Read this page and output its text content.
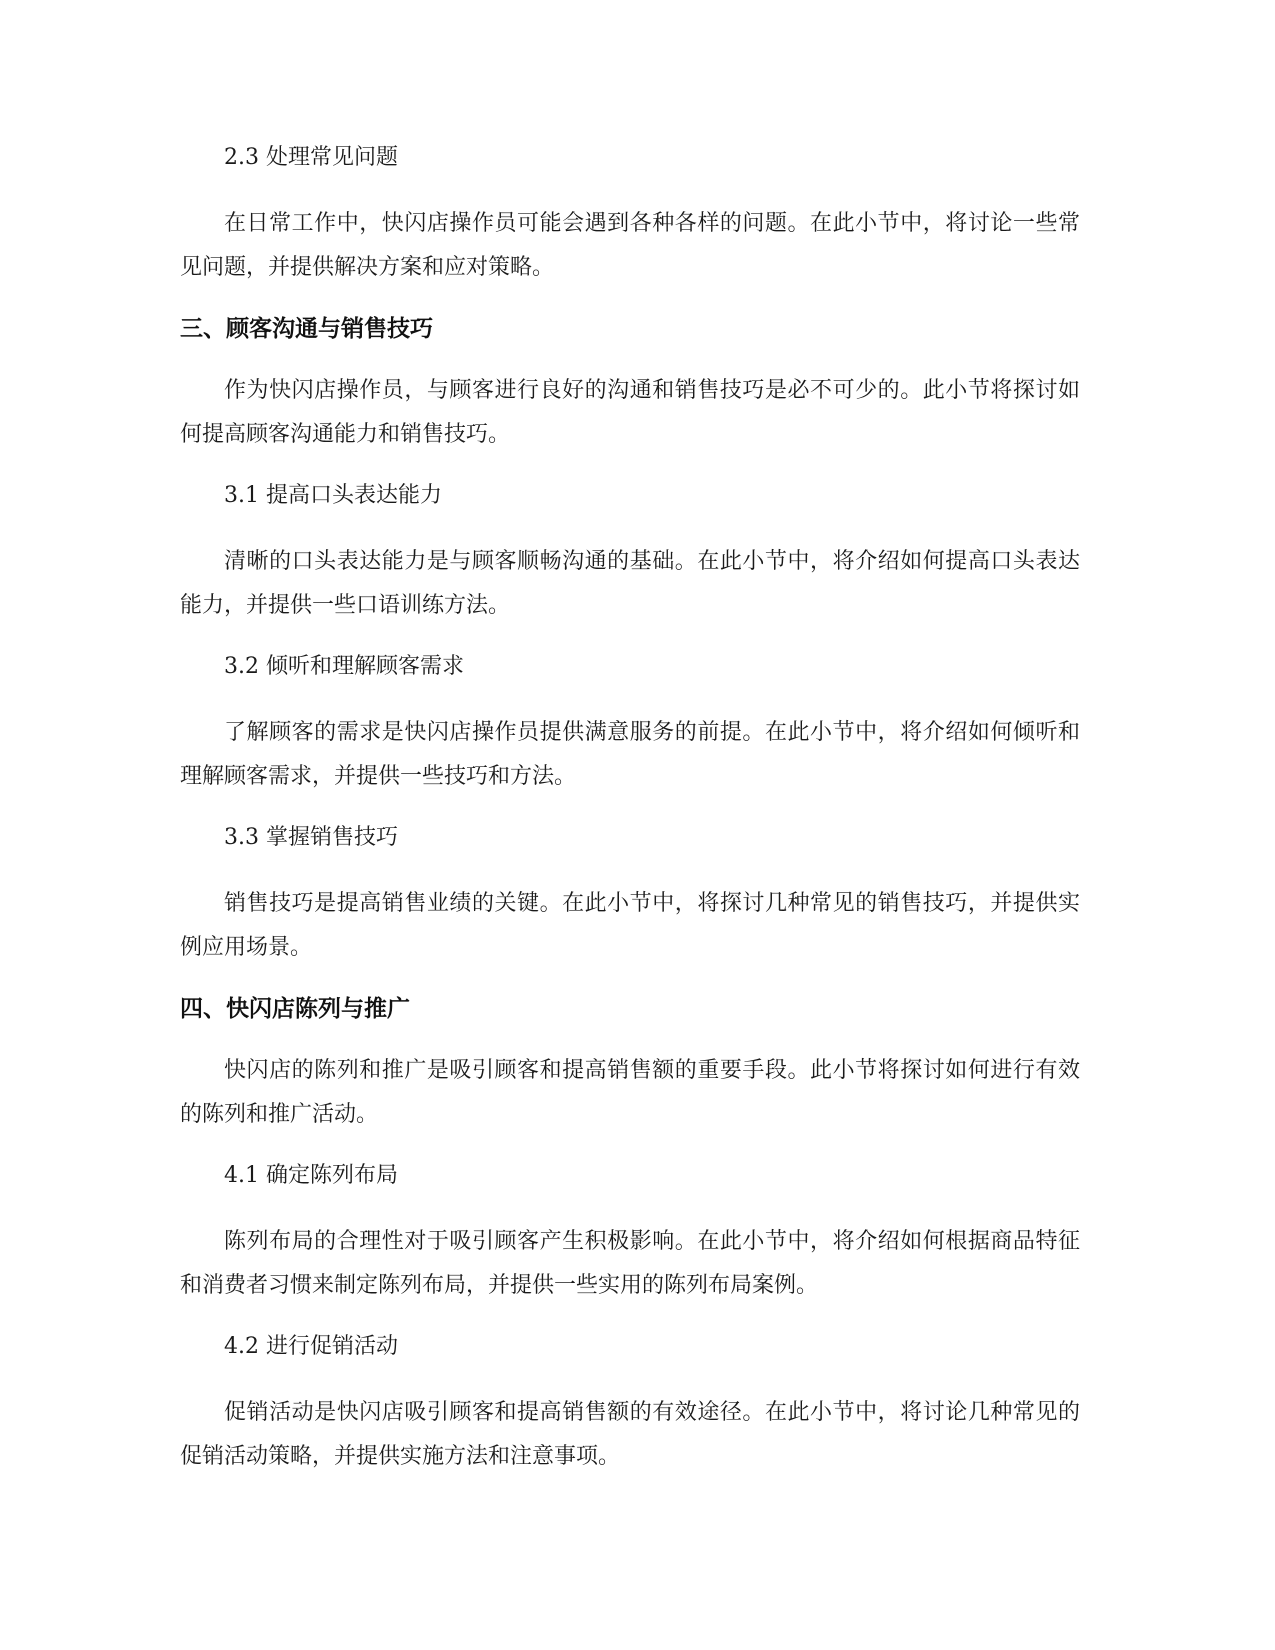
2.3 处理常见问题

在日常工作中，快闪店操作员可能会遇到各种各样的问题。在此小节中，将讨论一些常见问题，并提供解决方案和应对策略。

三、顾客沟通与销售技巧

作为快闪店操作员，与顾客进行良好的沟通和销售技巧是必不可少的。此小节将探讨如何提高顾客沟通能力和销售技巧。

3.1 提高口头表达能力

清晰的口头表达能力是与顾客顺畅沟通的基础。在此小节中，将介绍如何提高口头表达能力，并提供一些口语训练方法。

3.2 倾听和理解顾客需求

了解顾客的需求是快闪店操作员提供满意服务的前提。在此小节中，将介绍如何倾听和理解顾客需求，并提供一些技巧和方法。

3.3 掌握销售技巧

销售技巧是提高销售业绩的关键。在此小节中，将探讨几种常见的销售技巧，并提供实例应用场景。

四、快闪店陈列与推广

快闪店的陈列和推广是吸引顾客和提高销售额的重要手段。此小节将探讨如何进行有效的陈列和推广活动。

4.1 确定陈列布局

陈列布局的合理性对于吸引顾客产生积极影响。在此小节中，将介绍如何根据商品特征和消费者习惯来制定陈列布局，并提供一些实用的陈列布局案例。

4.2 进行促销活动

促销活动是快闪店吸引顾客和提高销售额的有效途径。在此小节中，将讨论几种常见的促销活动策略，并提供实施方法和注意事项。
